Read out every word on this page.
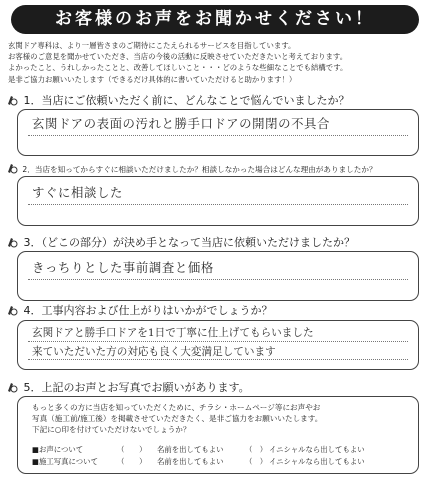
お客様のお声をお聞かせください！
玄関ドア専科は、より一層皆さまのご期待にこたえられるサービスを目指しています。
お客様のご意見を聞かせていただき、当店の今後の活動に反映させていただきたいと考えております。
よかったこと、うれしかったことと、改善してほしいこと・・・どのような些細なことでも結構です。
是非ご協力お願いいたします（できるだけ具体的に書いていただけると助かります！）
1．当店にご依頼いただく前に、どんなことで悩んでいましたか？
玄関ドアの表面の汚れと勝手口ドアの開閉の不具合
2．当店を知ってからすぐに相談いただけましたか？相談しなかった場合はどんな理由がありましたか？
すぐに相談した
3．（どこの部分）が決め手となって当店に依頼いただけましたか？
きっちりとした事前調査と価格
4．工事内容および仕上がりはいかがでしょうか？
玄関ドアと勝手口ドアを1日で丁寧に仕上げてもらいました
来ていただいた方の対応も良く大変満足しています
5．上記のお声とお写真でお願いがあります。
もっと多くの方に当店を知っていただくために、チラシ・ホームページ等にお声やお
写真（施工前/施工後）を掲載させていただきたく、是非ご協力をお願いいたします。
下記に○印を付けていただけないでしょうか？
■お声について	（　　） 名前を出してもよい	（　） イニシャルなら出してもよい
■施工写真について	（　　） 名前を出してもよい	（　） イニシャルなら出してもよい
